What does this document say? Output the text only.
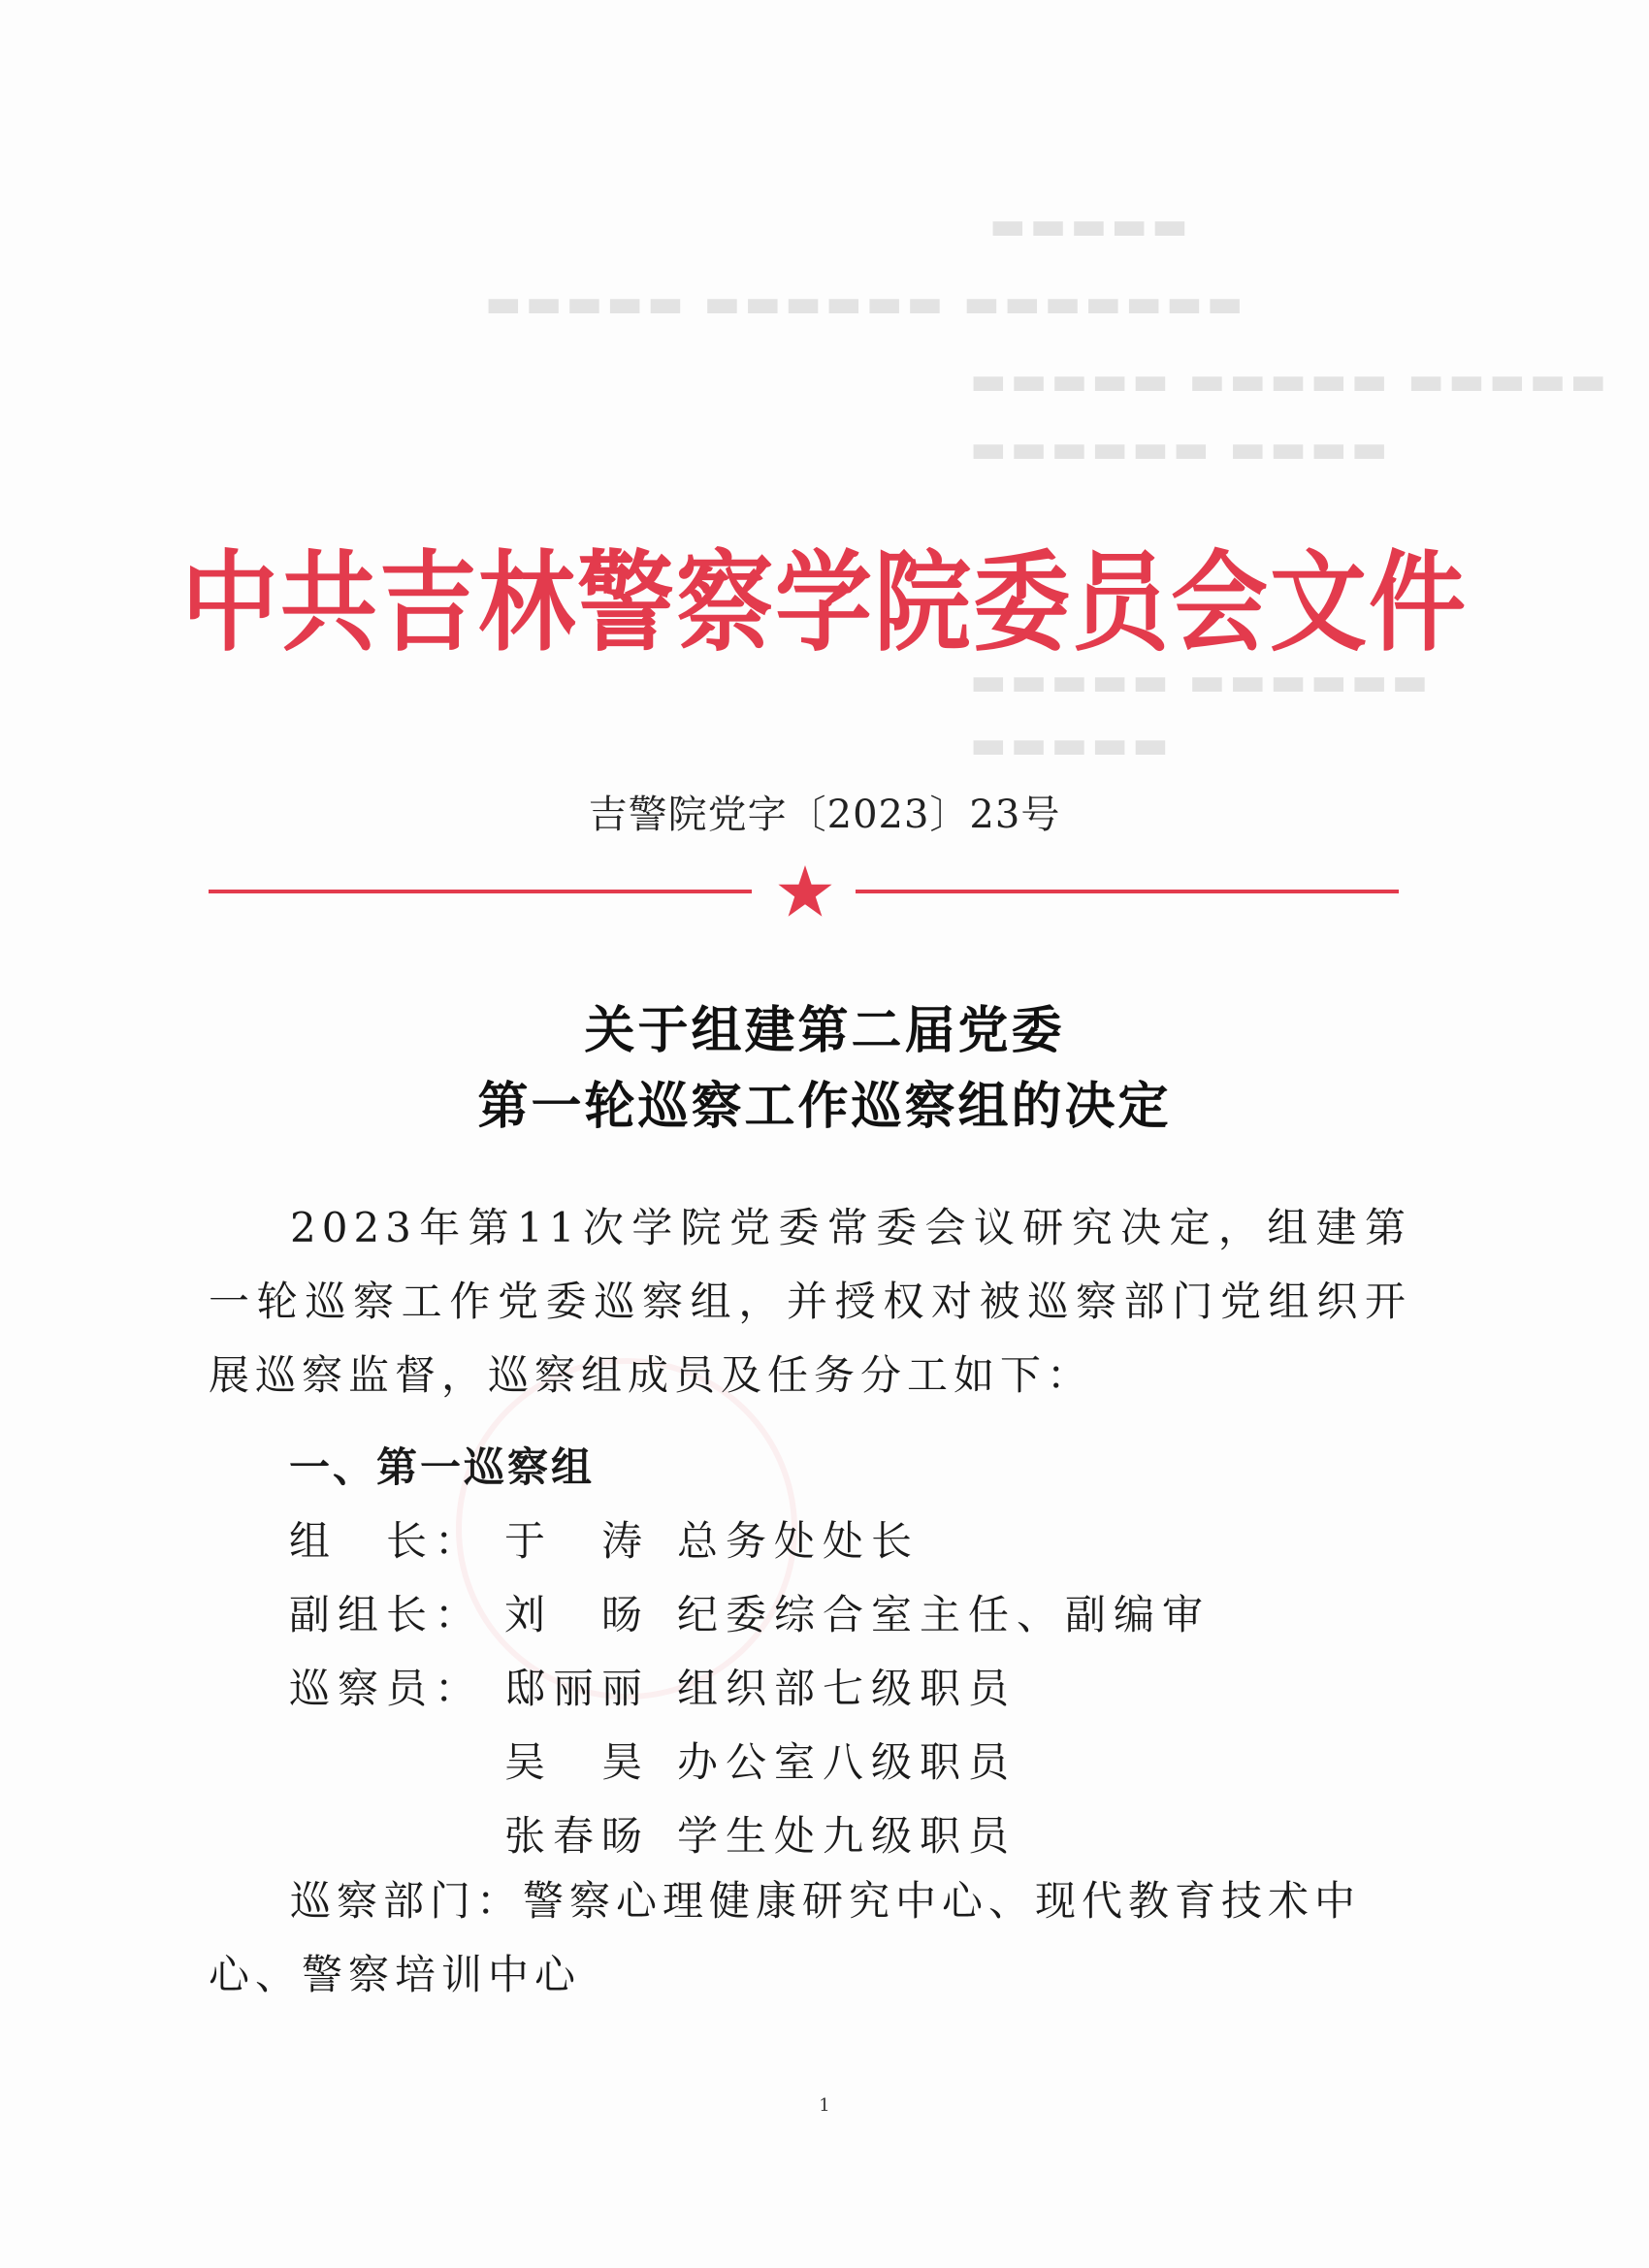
▬▬▬▬▬
▬▬▬▬▬ ▬▬▬▬▬▬ ▬▬▬▬▬▬▬
▬▬▬▬▬ ▬▬▬▬▬ ▬▬▬▬▬
▬▬▬▬▬▬ ▬▬▬▬
▬▬▬▬▬ ▬▬▬▬▬▬
▬▬▬▬▬
中共吉林警察学院委员会文件
吉警院党字〔2023〕23号
关于组建第二届党委
第一轮巡察工作巡察组的决定
2023年第11次学院党委常委会议研究决定，组建第一轮巡察工作党委巡察组，并授权对被巡察部门党组织开展巡察监督，巡察组成员及任务分工如下：
一、第一巡察组
组　长： 于　涛 总务处处长
副组长： 刘　旸 纪委综合室主任、副编审
巡察员： 邸丽丽 组织部七级职员
吴　昊 办公室八级职员
张春旸 学生处九级职员
巡察部门：警察心理健康研究中心、现代教育技术中心、警察培训中心
1
